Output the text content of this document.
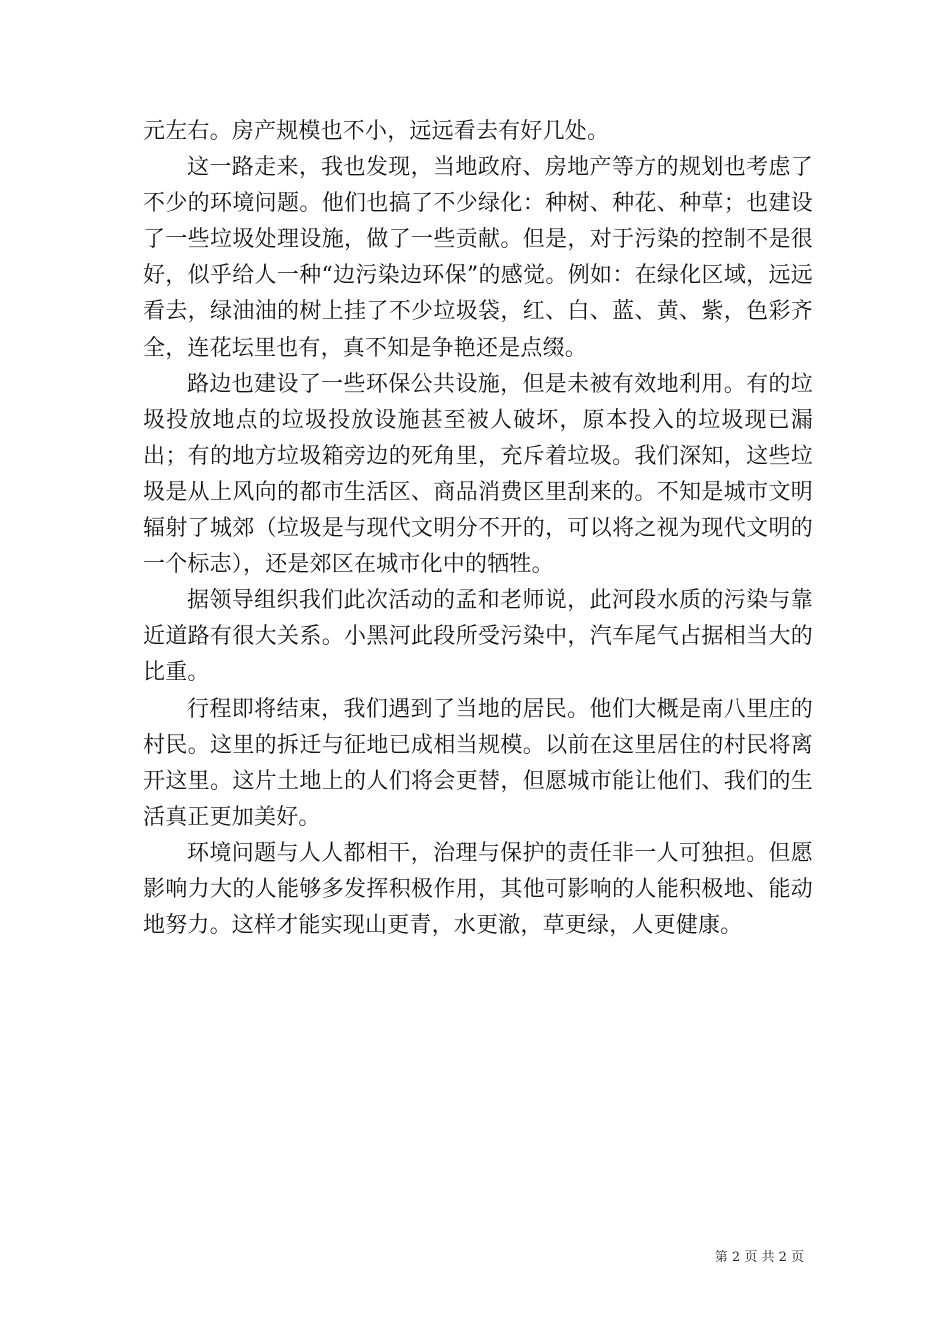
元左右。房产规模也不小，远远看去有好几处。

这一路走来，我也发现，当地政府、房地产等方的规划也考虑了不少的环境问题。他们也搞了不少绿化：种树、种花、种草；也建设了一些垃圾处理设施，做了一些贡献。但是，对于污染的控制不是很好，似乎给人一种“边污染边环保”的感觉。例如：在绿化区域，远远看去，绿油油的树上挂了不少垃圾袋，红、白、蓝、黄、紫，色彩齐全，连花坛里也有，真不知是争艳还是点缀。

路边也建设了一些环保公共设施，但是未被有效地利用。有的垃圾投放地点的垃圾投放设施甚至被人破坏，原本投入的垃圾现已漏出；有的地方垃圾箱旁边的死角里，充斥着垃圾。我们深知，这些垃圾是从上风向的都市生活区、商品消费区里刮来的。不知是城市文明辐射了城郊（垃圾是与现代文明分不开的，可以将之视为现代文明的一个标志），还是郊区在城市化中的牺牲。

据领导组织我们此次活动的孟和老师说，此河段水质的污染与靠近道路有很大关系。小黑河此段所受污染中，汽车尾气占据相当大的比重。

行程即将结束，我们遇到了当地的居民。他们大概是南八里庄的村民。这里的拆迁与征地已成相当规模。以前在这里居住的村民将离开这里。这片土地上的人们将会更替，但愿城市能让他们、我们的生活真正更加美好。

环境问题与人人都相干，治理与保护的责任非一人可独担。但愿影响力大的人能够多发挥积极作用，其他可影响的人能积极地、能动地努力。这样才能实现山更青，水更澈，草更绿，人更健康。

第 2 页 共 2 页
